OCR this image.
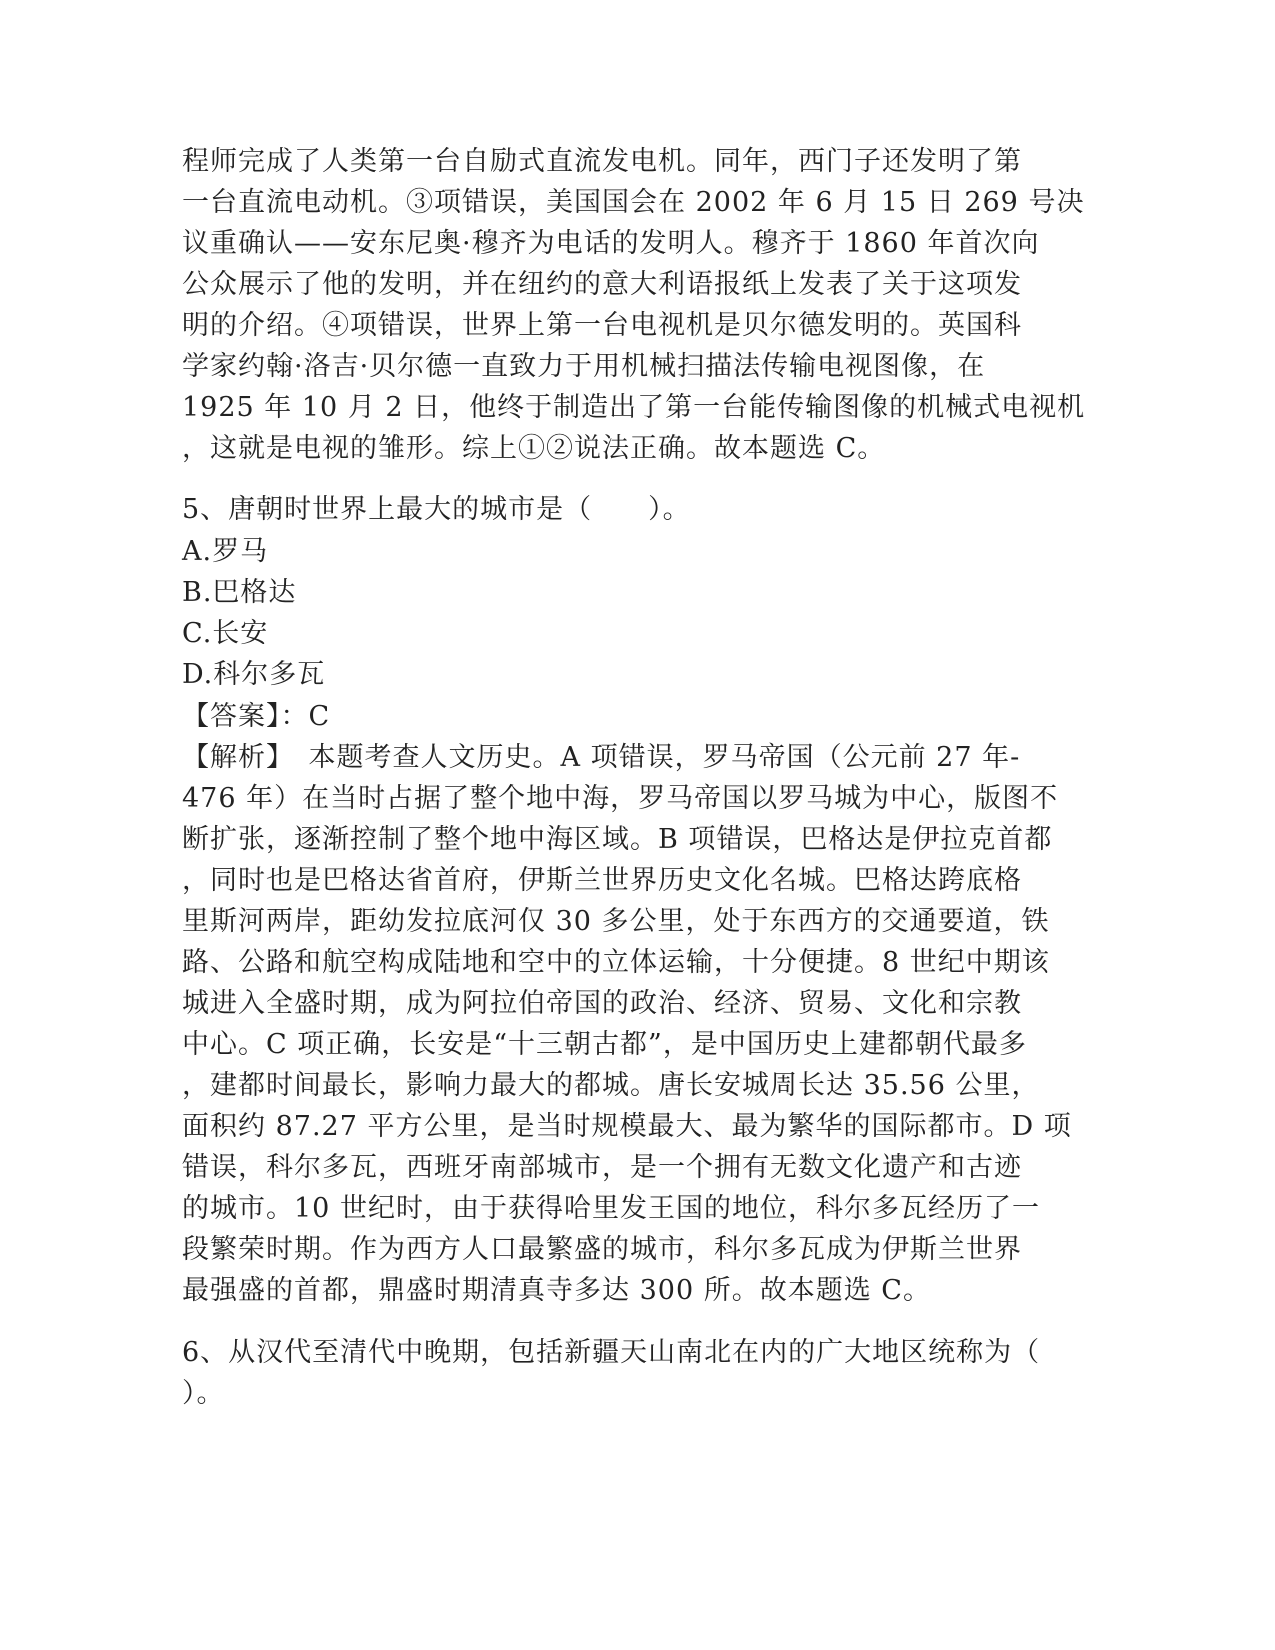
程师完成了人类第一台自励式直流发电机。同年，西门子还发明了第
一台直流电动机。③项错误，美国国会在 2002 年 6 月 15 日 269 号决
议重确认——安东尼奥·穆齐为电话的发明人。穆齐于 1860 年首次向
公众展示了他的发明，并在纽约的意大利语报纸上发表了关于这项发
明的介绍。④项错误，世界上第一台电视机是贝尔德发明的。英国科
学家约翰·洛吉·贝尔德一直致力于用机械扫描法传输电视图像，在
1925 年 10 月 2 日，他终于制造出了第一台能传输图像的机械式电视机
，这就是电视的雏形。综上①②说法正确。故本题选 C。
5、唐朝时世界上最大的城市是（　　）。
A.罗马
B.巴格达
C.长安
D.科尔多瓦
【答案】：C
【解析】　本题考查人文历史。A 项错误，罗马帝国（公元前 27 年-
476 年）在当时占据了整个地中海，罗马帝国以罗马城为中心，版图不
断扩张，逐渐控制了整个地中海区域。B 项错误，巴格达是伊拉克首都
，同时也是巴格达省首府，伊斯兰世界历史文化名城。巴格达跨底格
里斯河两岸，距幼发拉底河仅 30 多公里，处于东西方的交通要道，铁
路、公路和航空构成陆地和空中的立体运输，十分便捷。8 世纪中期该
城进入全盛时期，成为阿拉伯帝国的政治、经济、贸易、文化和宗教
中心。C 项正确，长安是“十三朝古都”，是中国历史上建都朝代最多
，建都时间最长，影响力最大的都城。唐长安城周长达 35.56 公里，
面积约 87.27 平方公里，是当时规模最大、最为繁华的国际都市。D 项
错误，科尔多瓦，西班牙南部城市，是一个拥有无数文化遗产和古迹
的城市。10 世纪时，由于获得哈里发王国的地位，科尔多瓦经历了一
段繁荣时期。作为西方人口最繁盛的城市，科尔多瓦成为伊斯兰世界
最强盛的首都，鼎盛时期清真寺多达 300 所。故本题选 C。
6、从汉代至清代中晚期，包括新疆天山南北在内的广大地区统称为（
）。
